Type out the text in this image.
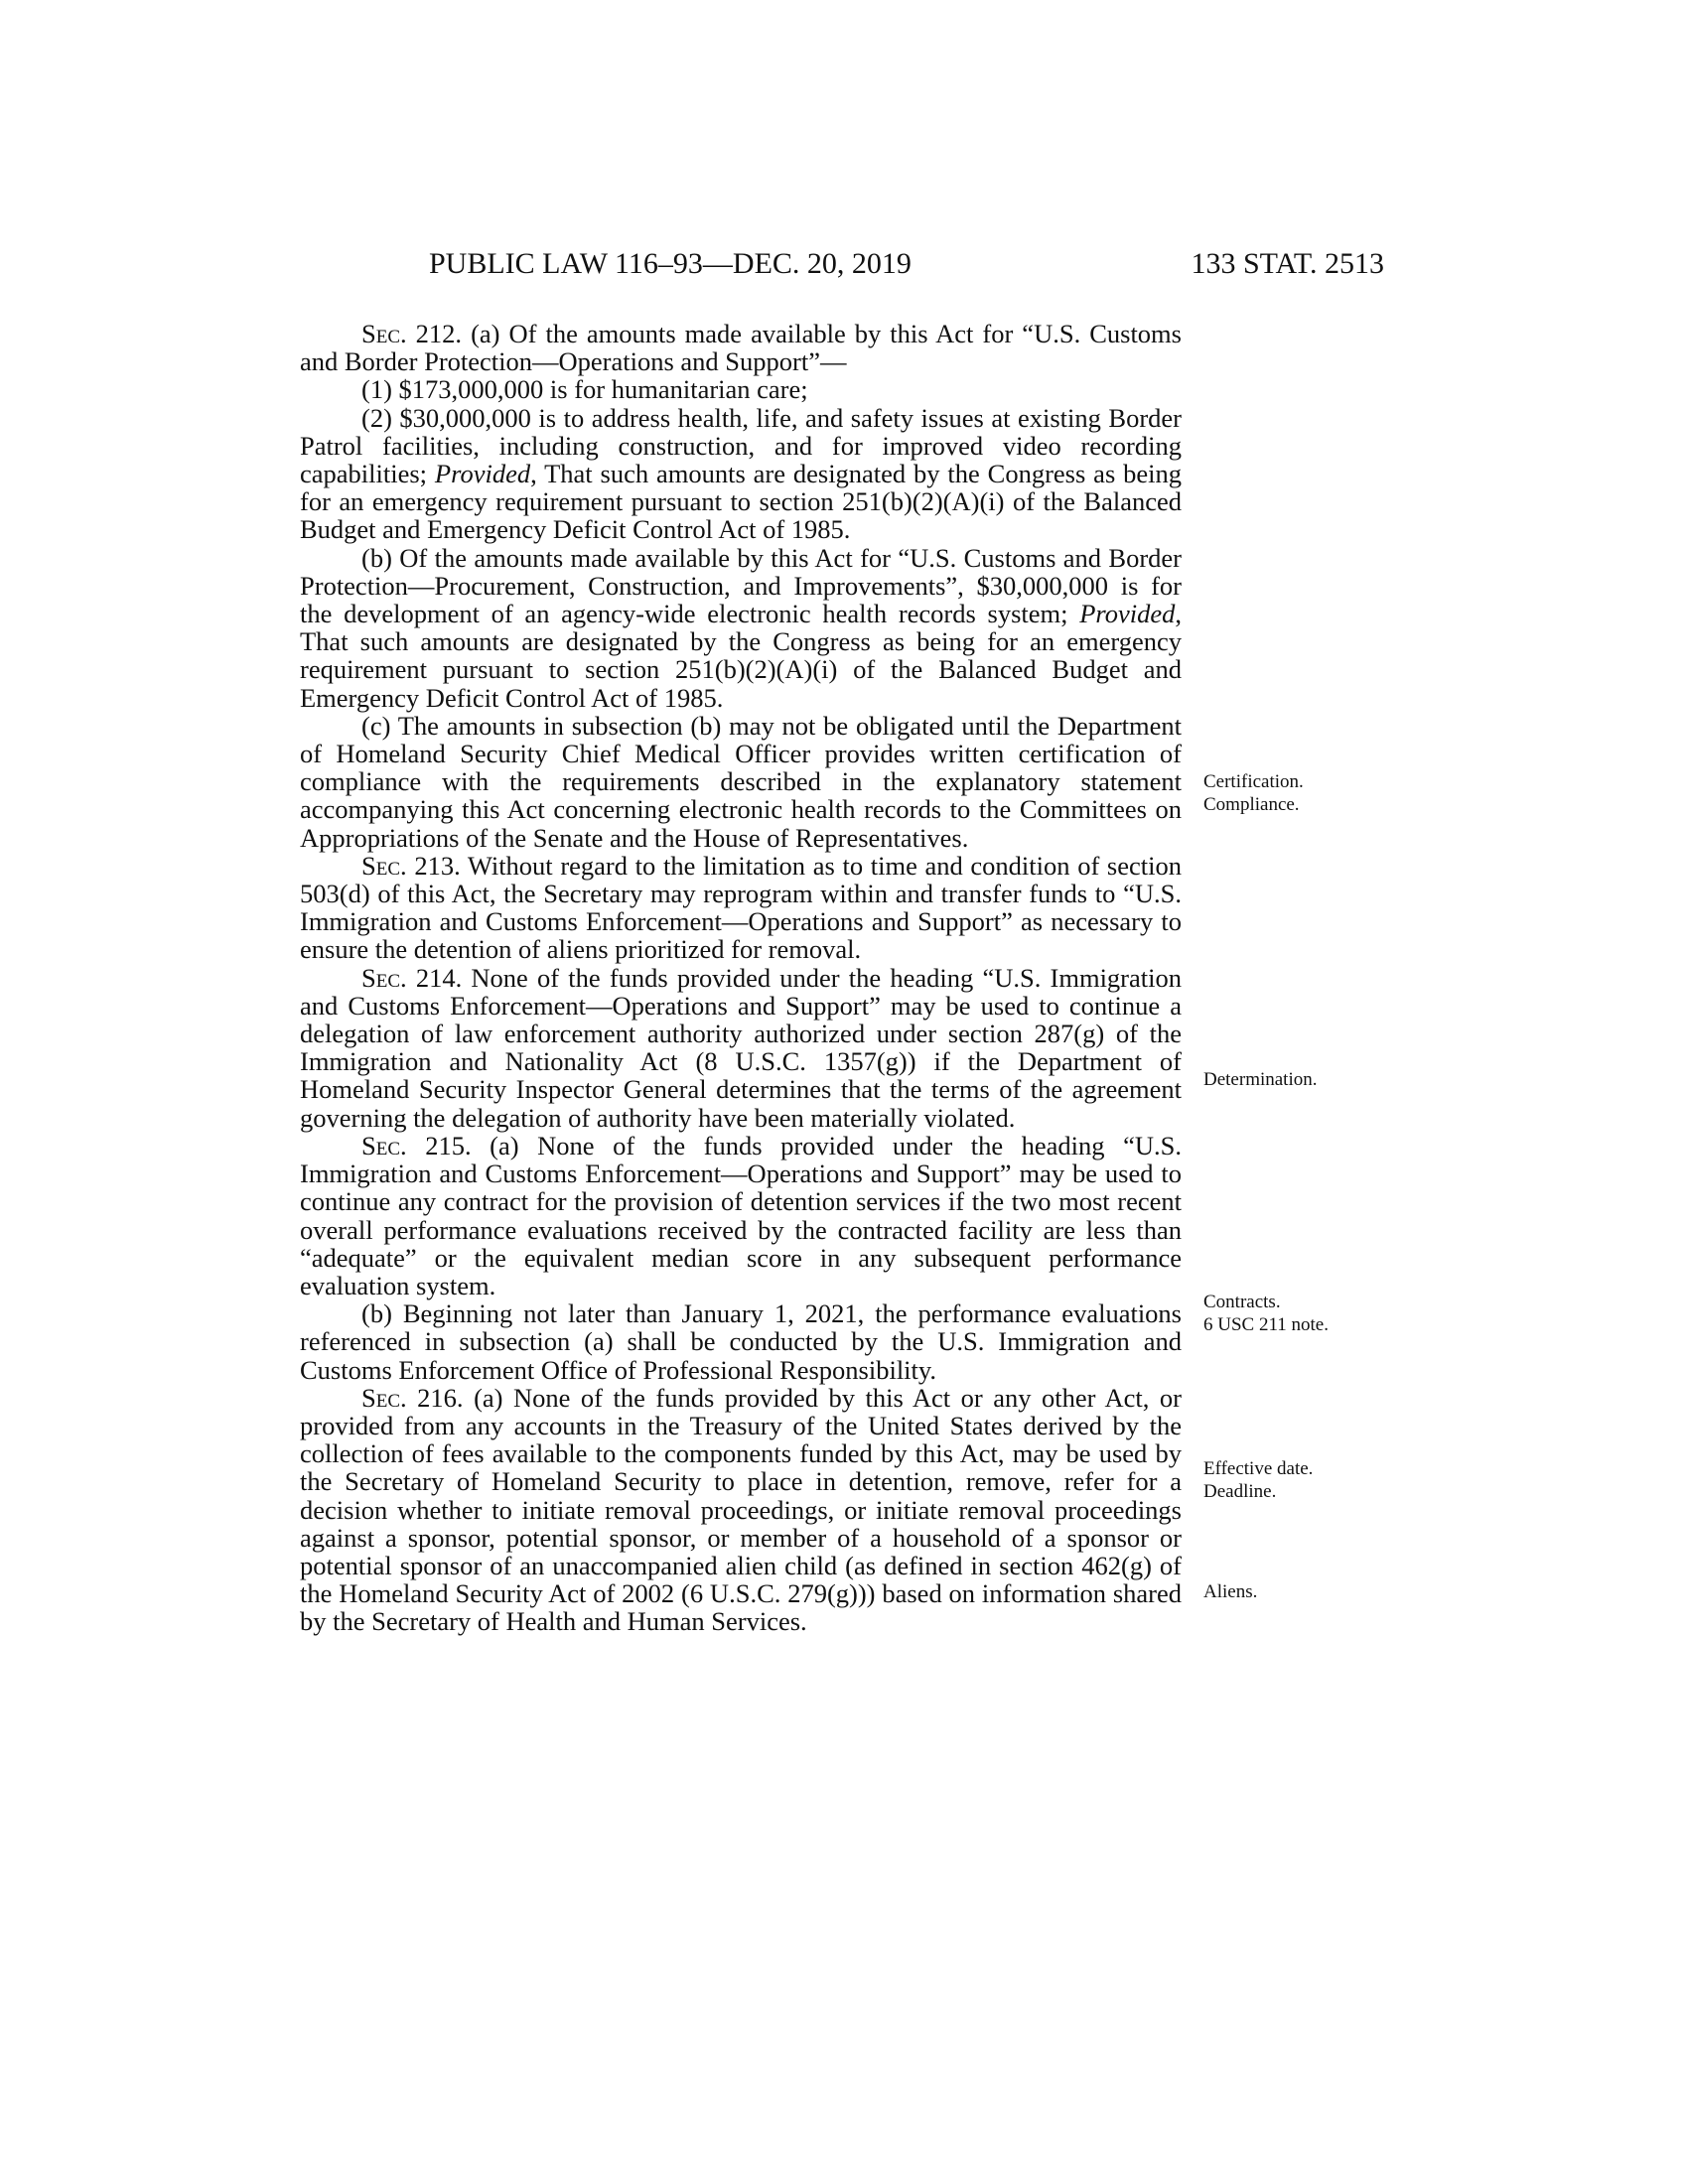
PUBLIC LAW 116–93—DEC. 20, 2019	133 STAT. 2513

Sec. 212. (a) Of the amounts made available by this Act for “U.S. Customs and Border Protection—Operations and Support”—

(1) $173,000,000 is for humanitarian care;

(2) $30,000,000 is to address health, life, and safety issues at existing Border Patrol facilities, including construction, and for improved video recording capabilities; Provided, That such amounts are designated by the Congress as being for an emergency requirement pursuant to section 251(b)(2)(A)(i) of the Balanced Budget and Emergency Deficit Control Act of 1985.

(b) Of the amounts made available by this Act for “U.S. Customs and Border Protection—Procurement, Construction, and Improvements”, $30,000,000 is for the development of an agency-wide electronic health records system; Provided, That such amounts are designated by the Congress as being for an emergency requirement pursuant to section 251(b)(2)(A)(i) of the Balanced Budget and Emergency Deficit Control Act of 1985.

(c) The amounts in subsection (b) may not be obligated until the Department of Homeland Security Chief Medical Officer provides written certification of compliance with the requirements described in the explanatory statement accompanying this Act concerning electronic health records to the Committees on Appropriations of the Senate and the House of Representatives.

Sec. 213. Without regard to the limitation as to time and condition of section 503(d) of this Act, the Secretary may reprogram within and transfer funds to “U.S. Immigration and Customs Enforcement—Operations and Support” as necessary to ensure the detention of aliens prioritized for removal.

Sec. 214. None of the funds provided under the heading “U.S. Immigration and Customs Enforcement—Operations and Support” may be used to continue a delegation of law enforcement authority authorized under section 287(g) of the Immigration and Nationality Act (8 U.S.C. 1357(g)) if the Department of Homeland Security Inspector General determines that the terms of the agreement governing the delegation of authority have been materially violated.

Sec. 215. (a) None of the funds provided under the heading “U.S. Immigration and Customs Enforcement—Operations and Support” may be used to continue any contract for the provision of detention services if the two most recent overall performance evaluations received by the contracted facility are less than “adequate” or the equivalent median score in any subsequent performance evaluation system.

(b) Beginning not later than January 1, 2021, the performance evaluations referenced in subsection (a) shall be conducted by the U.S. Immigration and Customs Enforcement Office of Professional Responsibility.

Sec. 216. (a) None of the funds provided by this Act or any other Act, or provided from any accounts in the Treasury of the United States derived by the collection of fees available to the components funded by this Act, may be used by the Secretary of Homeland Security to place in detention, remove, refer for a decision whether to initiate removal proceedings, or initiate removal proceedings against a sponsor, potential sponsor, or member of a household of a sponsor or potential sponsor of an unaccompanied alien child (as defined in section 462(g) of the Homeland Security Act of 2002 (6 U.S.C. 279(g))) based on information shared by the Secretary of Health and Human Services.

Certification.
Compliance.
Determination.
Contracts.
6 USC 211 note.
Effective date.
Deadline.
Aliens.
